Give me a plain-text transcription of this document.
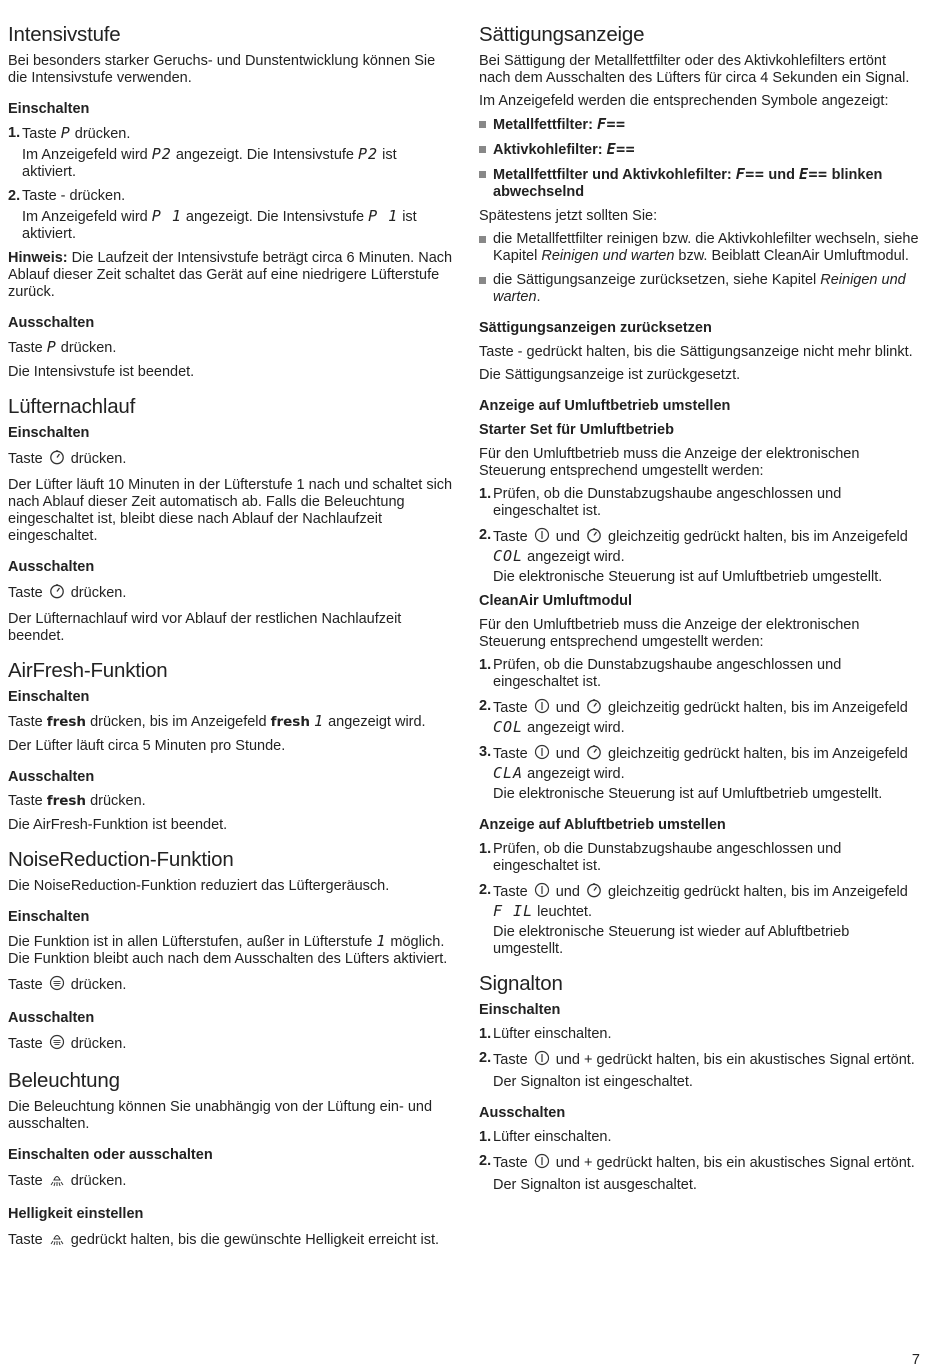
Intensivstufe

Bei besonders starker Geruchs- und Dunstentwicklung können Sie die Intensivstufe verwenden.

Einschalten
1. Taste P drücken.
Im Anzeigefeld wird P2 angezeigt. Die Intensivstufe P2 ist aktiviert.
2. Taste - drücken.
Im Anzeigefeld wird P 1 angezeigt. Die Intensivstufe P 1 ist aktiviert.

Hinweis: Die Laufzeit der Intensivstufe beträgt circa 6 Minuten. Nach Ablauf dieser Zeit schaltet das Gerät auf eine niedrigere Lüfterstufe zurück.

Ausschalten

Taste P drücken.

Die Intensivstufe ist beendet.

Lüfternachlauf
Einschalten

Taste drücken.

Der Lüfter läuft 10 Minuten in der Lüfterstufe 1 nach und schaltet sich nach Ablauf dieser Zeit automatisch ab. Falls die Beleuchtung eingeschaltet ist, bleibt diese nach Ablauf der Nachlaufzeit eingeschaltet.

Ausschalten

Taste drücken.

Der Lüfternachlauf wird vor Ablauf der restlichen Nachlaufzeit beendet.

AirFresh-Funktion
Einschalten

Taste fresh drücken, bis im Anzeigefeld fresh 1 angezeigt wird.

Der Lüfter läuft circa 5 Minuten pro Stunde.

Ausschalten

Taste fresh drücken.

Die AirFresh-Funktion ist beendet.

NoiseReduction-Funktion

Die NoiseReduction-Funktion reduziert das Lüftergeräusch.

Einschalten

Die Funktion ist in allen Lüfterstufen, außer in Lüfterstufe 1 möglich. Die Funktion bleibt auch nach dem Ausschalten des Lüfters aktiviert.

Taste drücken.

Ausschalten

Taste drücken.

Beleuchtung

Die Beleuchtung können Sie unabhängig von der Lüftung ein- und ausschalten.

Einschalten oder ausschalten

Taste drücken.

Helligkeit einstellen

Taste gedrückt halten, bis die gewünschte Helligkeit erreicht ist.

Sättigungsanzeige

Bei Sättigung der Metallfettfilter oder des Aktivkohlefilters ertönt nach dem Ausschalten des Lüfters für circa 4 Sekunden ein Signal.

Im Anzeigefeld werden die entsprechenden Symbole angezeigt:

Metallfettfilter: F==
Aktivkohlefilter: E==
Metallfettfilter und Aktivkohlefilter: F== und E== blinken abwechselnd

Spätestens jetzt sollten Sie:

die Metallfettfilter reinigen bzw. die Aktivkohlefilter wechseln, siehe Kapitel Reinigen und warten bzw. Beiblatt CleanAir Umluftmodul.
die Sättigungsanzeige zurücksetzen, siehe Kapitel Reinigen und warten.
Sättigungsanzeigen zurücksetzen

Taste - gedrückt halten, bis die Sättigungsanzeige nicht mehr blinkt.

Die Sättigungsanzeige ist zurückgesetzt.

Anzeige auf Umluftbetrieb umstellen
Starter Set für Umluftbetrieb

Für den Umluftbetrieb muss die Anzeige der elektronischen Steuerung entsprechend umgestellt werden:

1. Prüfen, ob die Dunstabzugshaube angeschlossen und eingeschaltet ist.
2. Taste und gleichzeitig gedrückt halten, bis im Anzeigefeld COL angezeigt wird.
Die elektronische Steuerung ist auf Umluftbetrieb umgestellt.
CleanAir Umluftmodul

Für den Umluftbetrieb muss die Anzeige der elektronischen Steuerung entsprechend umgestellt werden:

1. Prüfen, ob die Dunstabzugshaube angeschlossen und eingeschaltet ist.
2. Taste und gleichzeitig gedrückt halten, bis im Anzeigefeld COL angezeigt wird.
3. Taste und gleichzeitig gedrückt halten, bis im Anzeigefeld CLA angezeigt wird.
Die elektronische Steuerung ist auf Umluftbetrieb umgestellt.
Anzeige auf Abluftbetrieb umstellen
1. Prüfen, ob die Dunstabzugshaube angeschlossen und eingeschaltet ist.
2. Taste und gleichzeitig gedrückt halten, bis im Anzeigefeld F IL leuchtet.
Die elektronische Steuerung ist wieder auf Abluftbetrieb umgestellt.
Signalton
Einschalten
1. Lüfter einschalten.
2. Taste und + gedrückt halten, bis ein akustisches Signal ertönt.
Der Signalton ist eingeschaltet.
Ausschalten
1. Lüfter einschalten.
2. Taste und + gedrückt halten, bis ein akustisches Signal ertönt.
Der Signalton ist ausgeschaltet.
7
